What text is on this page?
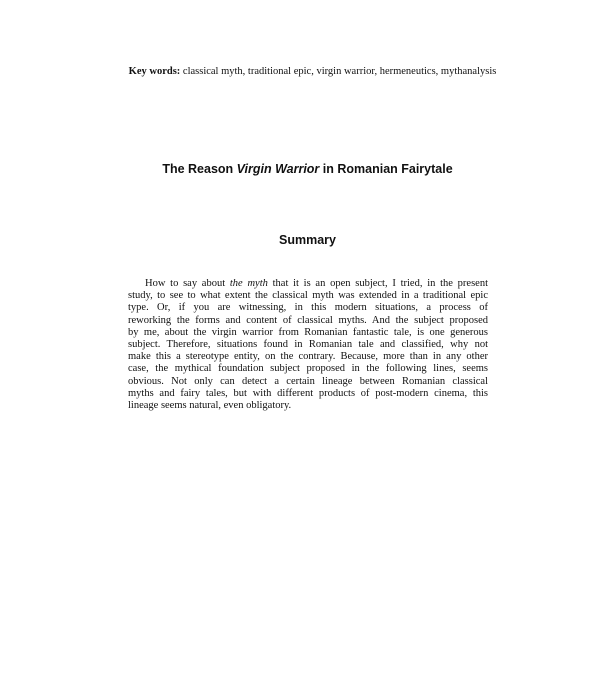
Key words: classical myth, traditional epic, virgin warrior, hermeneutics, mythanalysis
The Reason Virgin Warrior in Romanian Fairytale
Summary
How to say about the myth that it is an open subject, I tried, in the present
study, to see to what extent the classical myth was extended in a traditional epic
type. Or, if you are witnessing, in this modern situations, a process of
reworking the forms and content of classical myths. And the subject proposed
by me, about the virgin warrior from Romanian fantastic tale, is one generous
subject. Therefore, situations found in Romanian tale and classified, why not
make this a stereotype entity, on the contrary. Because, more than in any other
case, the mythical foundation subject proposed in the following lines, seems
obvious. Not only can detect a certain lineage between Romanian classical
myths and fairy tales, but with different products of post-modern cinema, this
lineage seems natural, even obligatory.
